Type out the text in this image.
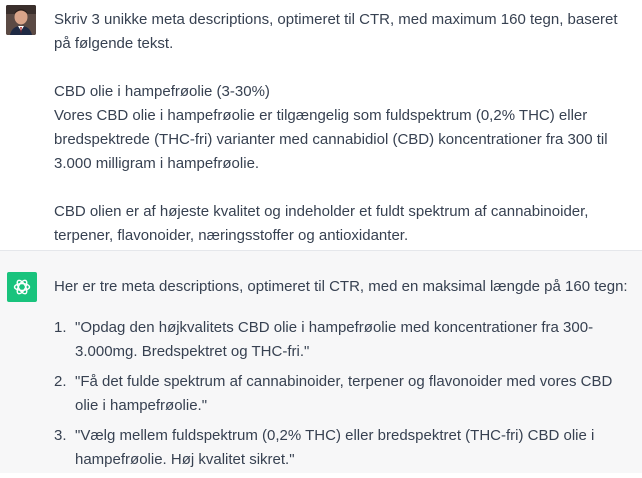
Skriv 3 unikke meta descriptions, optimeret til CTR, med maximum 160 tegn, baseret på følgende tekst.

CBD olie i hampefrøolie (3-30%)

Vores CBD olie i hampefrøolie er tilgængelig som fuldspektrum (0,2% THC) eller bredspektrede (THC-fri) varianter med cannabidiol (CBD) koncentrationer fra 300 til 3.000 milligram i hampefrøolie.

CBD olien er af højeste kvalitet og indeholder et fuldt spektrum af cannabinoider, terpener, flavonoider, næringsstoffer og antioxidanter.

Her er tre meta descriptions, optimeret til CTR, med en maksimal længde på 160 tegn:

1. "Opdag den højkvalitets CBD olie i hampefrøolie med koncentrationer fra 300-3.000mg. Bredspektret og THC-fri."
2. "Få det fulde spektrum af cannabinoider, terpener og flavonoider med vores CBD olie i hampefrøolie."
3. "Vælg mellem fuldspektrum (0,2% THC) eller bredspektret (THC-fri) CBD olie i hampefrøolie. Høj kvalitet sikret."
